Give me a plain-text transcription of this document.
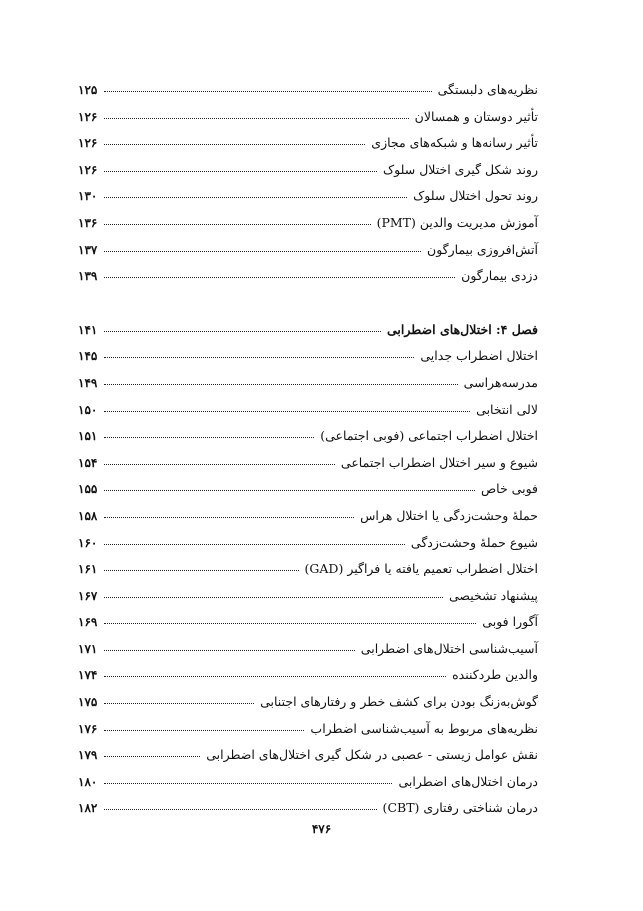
نظریه‌های دلبستگی
۱۲۵
تأثیر دوستان و همسالان
۱۲۶
تأثیر رسانه‌ها و شبکه‌های مجازی
۱۲۶
روند شکل گیری اختلال سلوک
۱۲۶
روند تحول اختلال سلوک
۱۳۰
آموزش مدیریت والدین (PMT)
۱۳۶
آتش‌افروزی بیمارگون
۱۳۷
دزدی بیمارگون
۱۳۹
فصل ۴: اختلال‌های اضطرابی
۱۴۱
اختلال اضطراب جدایی
۱۴۵
مدرسه‌هراسی
۱۴۹
لالی انتخابی
۱۵۰
اختلال اضطراب اجتماعی (فوبی اجتماعی)
۱۵۱
شیوع و سیر اختلال اضطراب اجتماعی
۱۵۴
فوبی خاص
۱۵۵
حملهٔ وحشت‌زدگی یا اختلال هراس
۱۵۸
شیوع حملهٔ وحشت‌زدگی
۱۶۰
اختلال اضطراب تعمیم یافته یا فراگیر (GAD)
۱۶۱
پیشنهاد تشخیصی
۱۶۷
آگورا فوبی
۱۶۹
آسیب‌شناسی اختلال‌های اضطرابی
۱۷۱
والدین طردکننده
۱۷۴
گوش‌به‌زنگ بودن برای کشف خطر و رفتارهای اجتنابی
۱۷۵
نظریه‌های مربوط به آسیب‌شناسی اضطراب
۱۷۶
نقش عوامل زیستی - عصبی در شکل گیری اختلال‌های اضطرابی
۱۷۹
درمان اختلال‌های اضطرابی
۱۸۰
درمان شناختی رفتاری (CBT)
۱۸۲
۴۷۶
